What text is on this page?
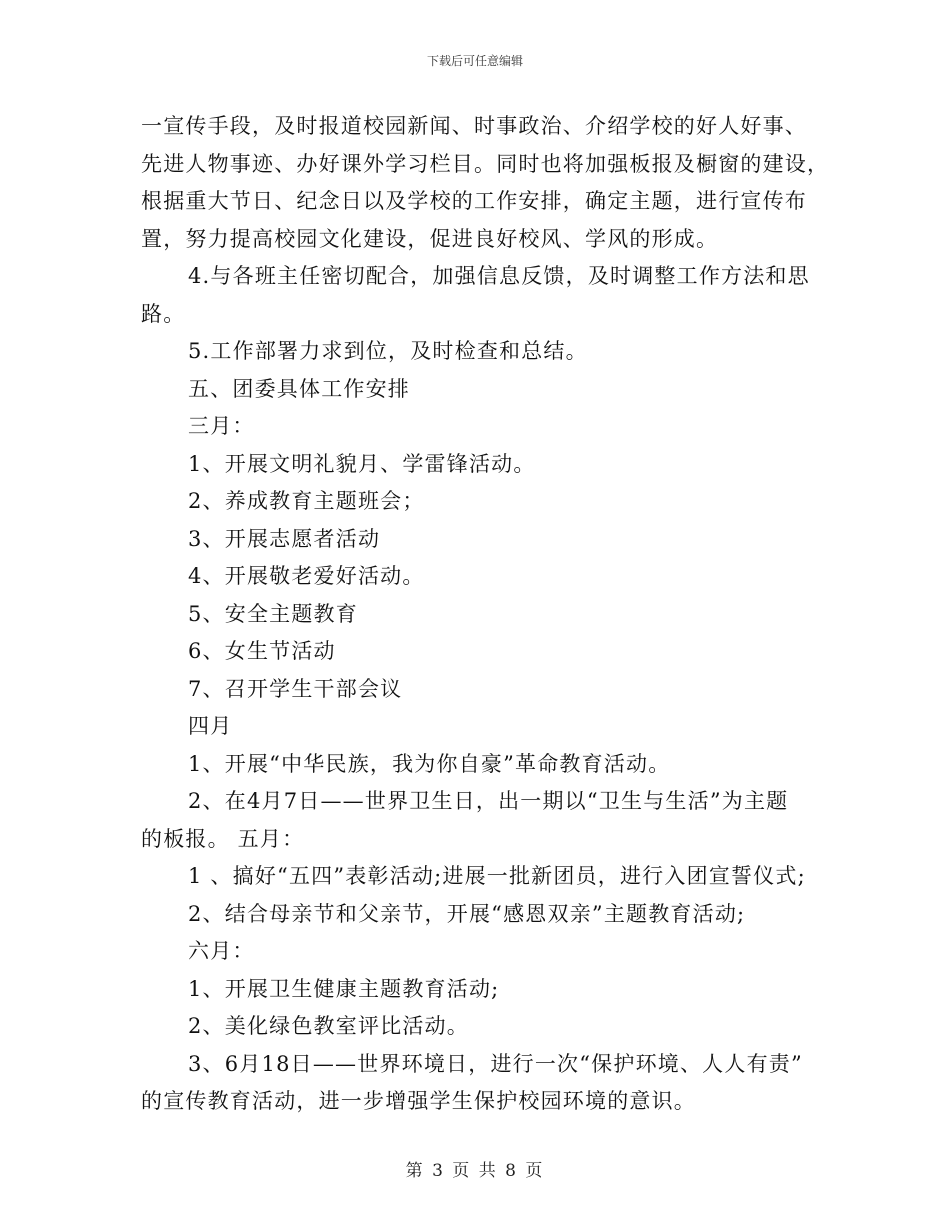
下载后可任意编辑
一宣传手段，及时报道校园新闻、时事政治、介绍学校的好人好事、
先进人物事迹、办好课外学习栏目。同时也将加强板报及橱窗的建设，
根据重大节日、纪念日以及学校的工作安排，确定主题，进行宣传布
置，努力提高校园文化建设，促进良好校风、学风的形成。
4.与各班主任密切配合，加强信息反馈，及时调整工作方法和思
路。
5.工作部署力求到位，及时检查和总结。
五、团委具体工作安排
三月：
1、开展文明礼貌月、学雷锋活动。
2、养成教育主题班会；
3、开展志愿者活动
4、开展敬老爱好活动。
5、安全主题教育
6、女生节活动
7、召开学生干部会议
四月
1、开展“中华民族，我为你自豪”革命教育活动。
2、在4月7日——世界卫生日，出一期以“卫生与生活”为主题
的板报。 五月：
1 、搞好“五四”表彰活动;进展一批新团员，进行入团宣誓仪式;
2、结合母亲节和父亲节，开展“感恩双亲”主题教育活动;
六月：
1、开展卫生健康主题教育活动;
2、美化绿色教室评比活动。
3、6月18日——世界环境日，进行一次“保护环境、人人有责”
的宣传教育活动，进一步增强学生保护校园环境的意识。
第 3 页 共 8 页
